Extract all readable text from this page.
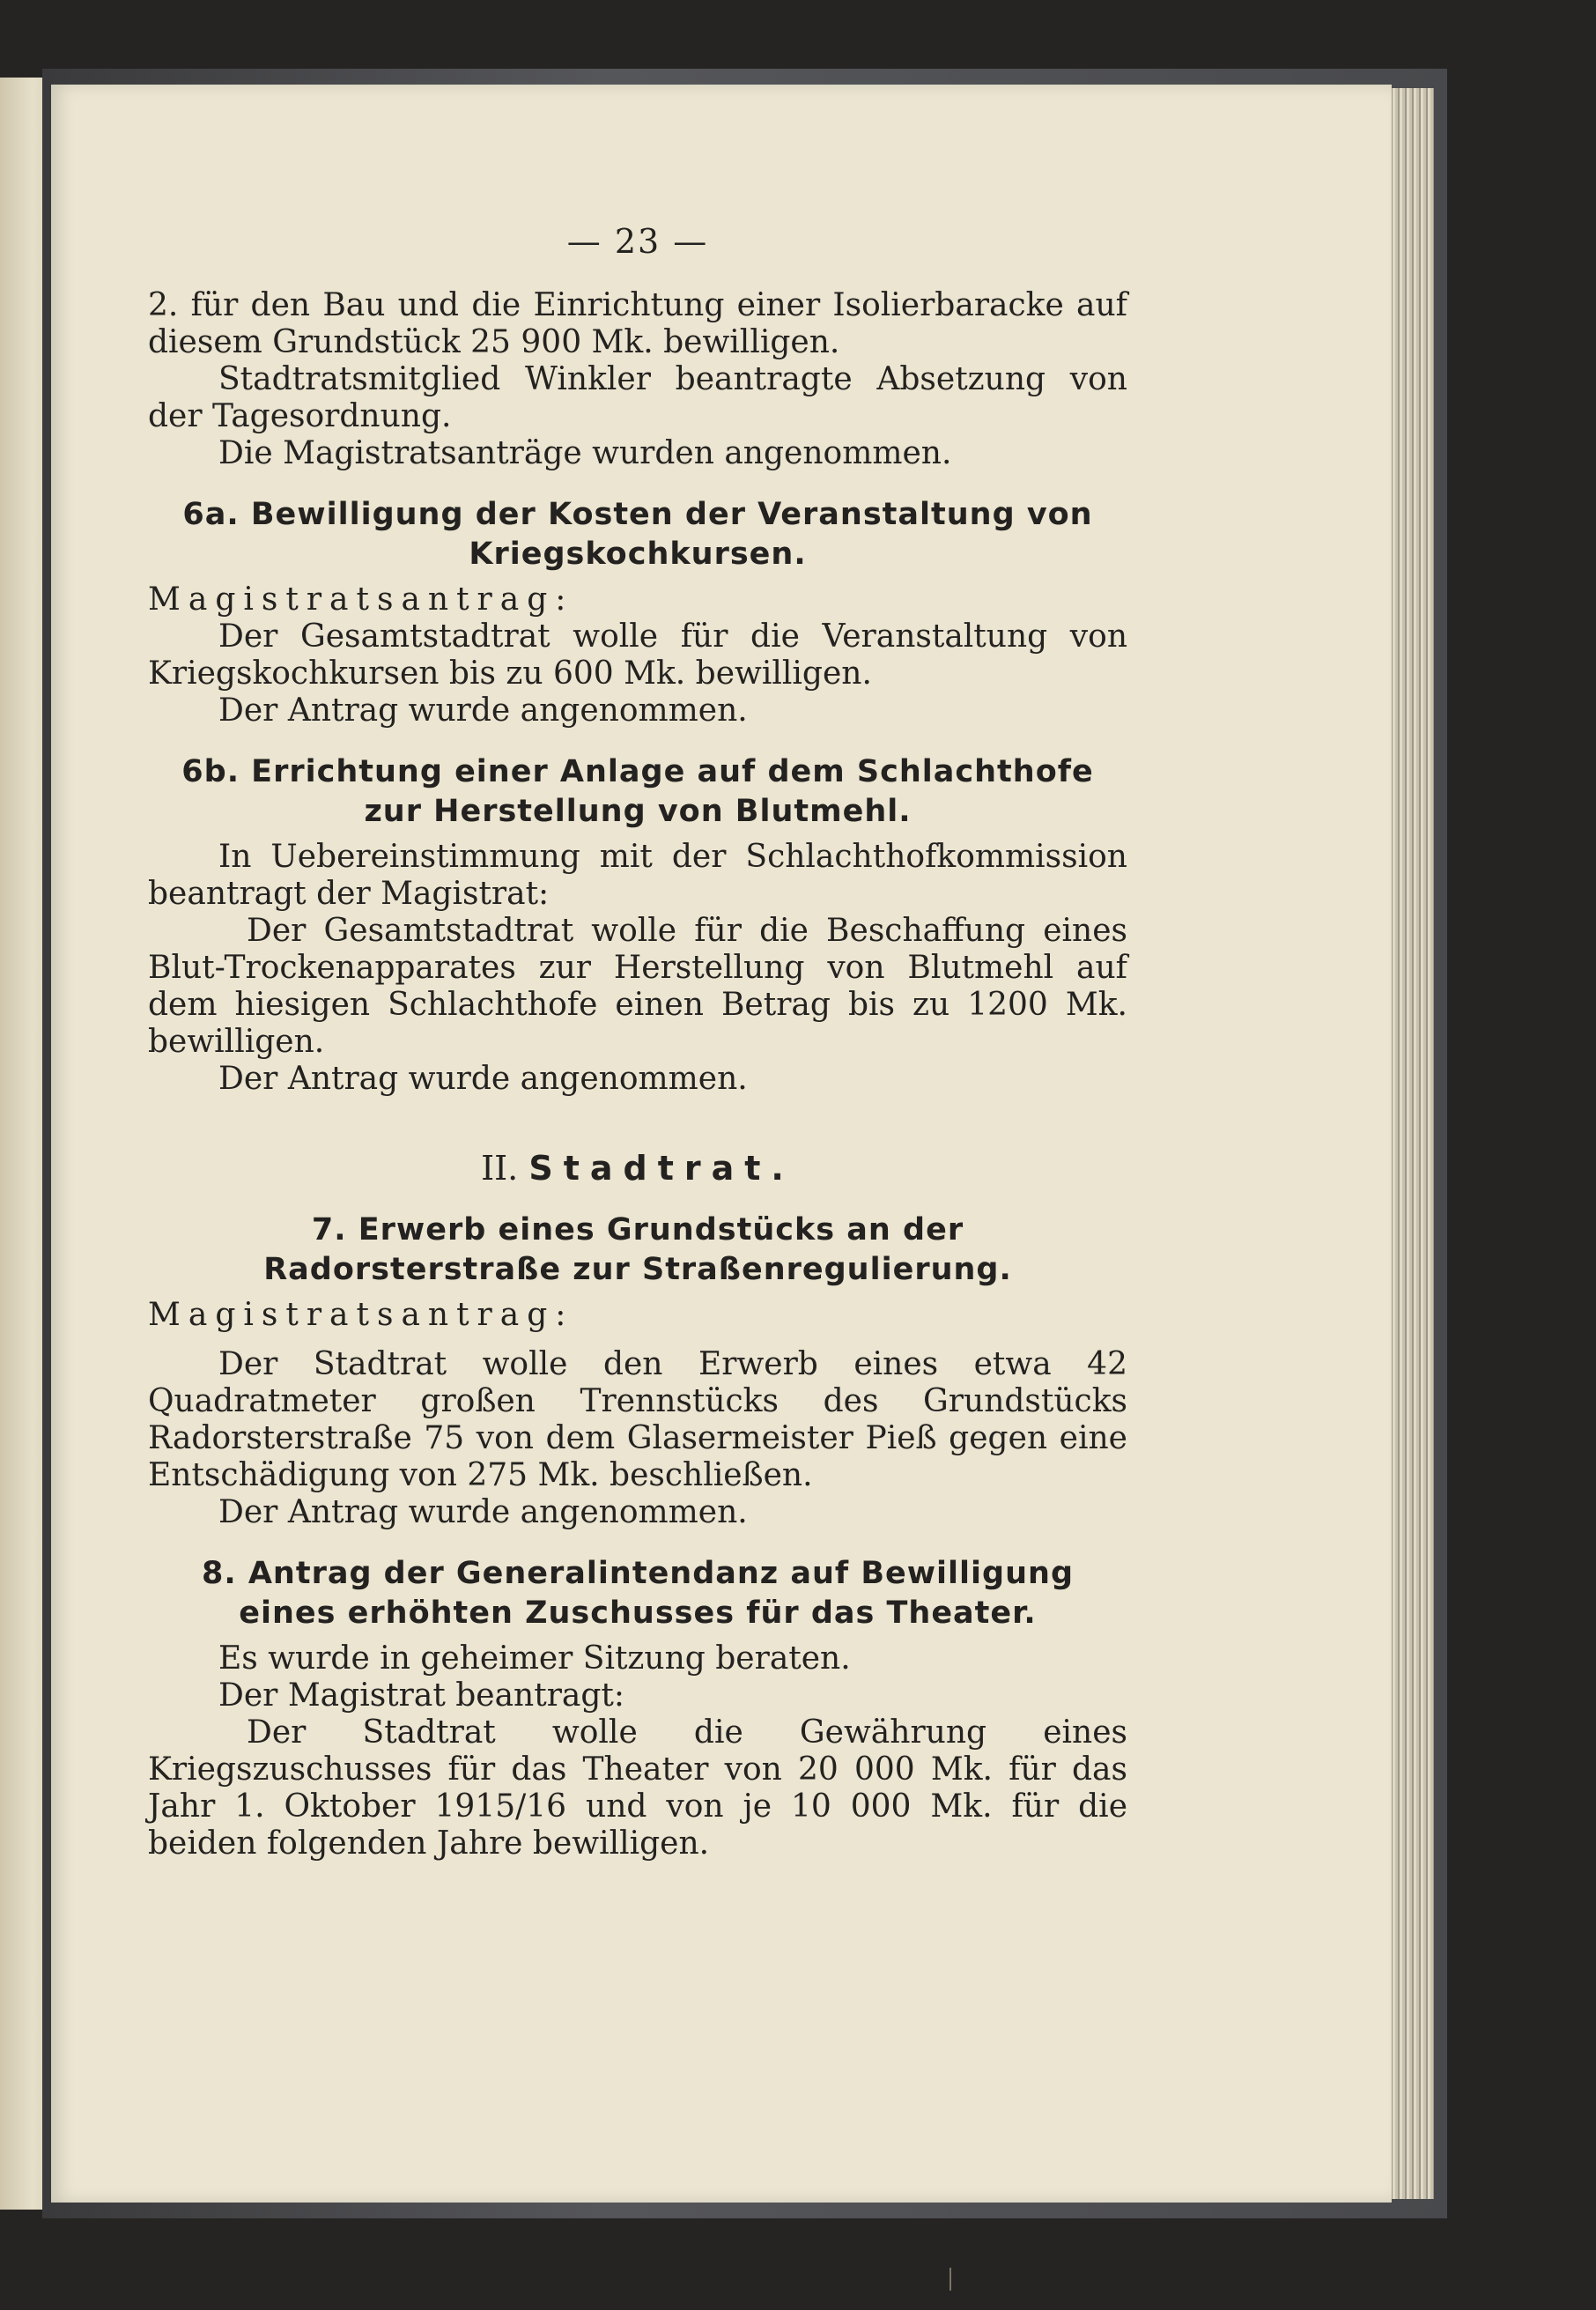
— 23 —

2. für den Bau und die Einrichtung einer Isolierbaracke auf diesem Grundstück 25 900 Mk. bewilligen.

Stadtratsmitglied Winkler beantragte Absetzung von der Tagesordnung.

Die Magistratsanträge wurden angenommen.

6a. Bewilligung der Kosten der Veranstaltung von Kriegskochkursen.

Magistratsantrag:

Der Gesamtstadtrat wolle für die Veranstaltung von Kriegskochkursen bis zu 600 Mk. bewilligen.

Der Antrag wurde angenommen.

6b. Errichtung einer Anlage auf dem Schlachthofe zur Herstellung von Blutmehl.

In Uebereinstimmung mit der Schlachthofkommission beantragt der Magistrat:

Der Gesamtstadtrat wolle für die Beschaffung eines Blut-Trockenapparates zur Herstellung von Blutmehl auf dem hiesigen Schlachthofe einen Betrag bis zu 1200 Mk. bewilligen.

Der Antrag wurde angenommen.

II. Stadtrat.
7. Erwerb eines Grundstücks an der Radorsterstraße zur Straßenregulierung.

Magistratsantrag:

Der Stadtrat wolle den Erwerb eines etwa 42 Quadratmeter großen Trennstücks des Grundstücks Radorsterstraße 75 von dem Glasermeister Pieß gegen eine Entschädigung von 275 Mk. beschließen.

Der Antrag wurde angenommen.

8. Antrag der Generalintendanz auf Bewilligung eines erhöhten Zuschusses für das Theater.

Es wurde in geheimer Sitzung beraten.

Der Magistrat beantragt:

Der Stadtrat wolle die Gewährung eines Kriegszuschusses für das Theater von 20 000 Mk. für das Jahr 1. Oktober 1915/16 und von je 10 000 Mk. für die beiden folgenden Jahre bewilligen.
